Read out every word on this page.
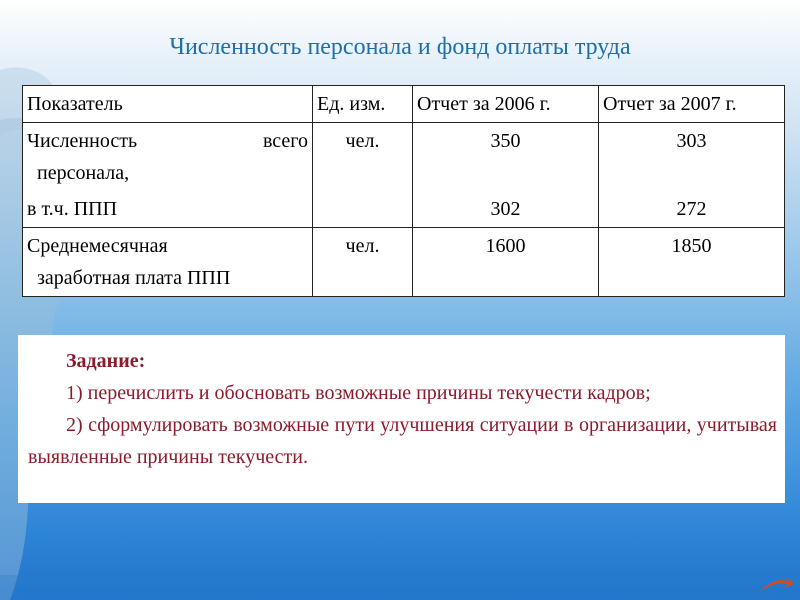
Численность персонала и фонд оплаты труда
Показатель	Ед. изм.	Отчет за 2006 г.	Отчет за 2007 г.

Численность всего
персонала,	чел.	350	303
в т.ч. ППП		302	272
Среднемесячная
заработная плата ППП	чел.	1600	1850
Задание:
1) перечислить и обосновать возможные причины текучести кадров;
2) сформулировать возможные пути улучшения ситуации в организации, учитывая выявленные причины текучести.
